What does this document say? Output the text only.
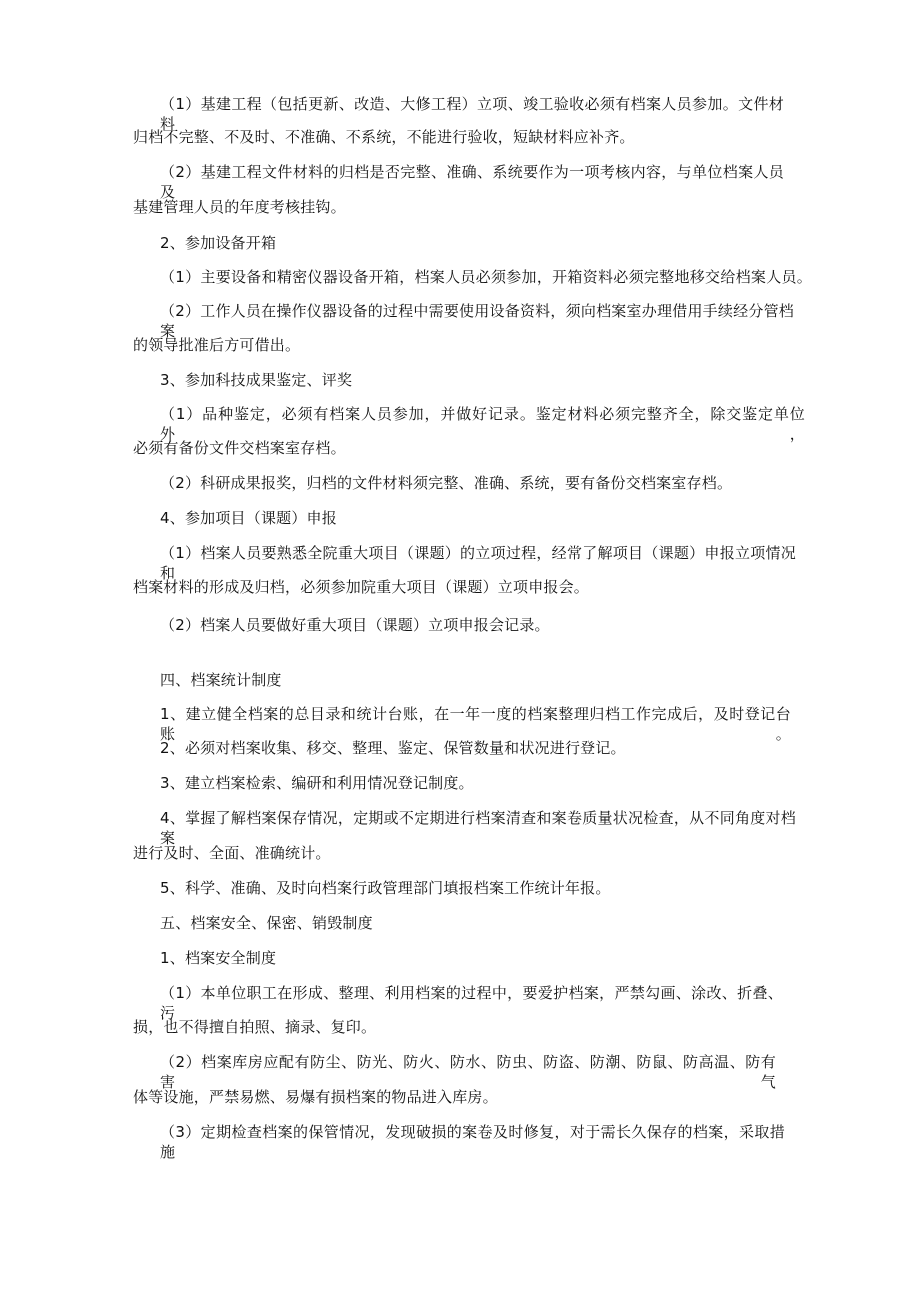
（1）基建工程（包括更新、改造、大修工程）立项、竣工验收必须有档案人员参加。文件材料
归档不完整、不及时、不准确、不系统，不能进行验收，短缺材料应补齐。
（2）基建工程文件材料的归档是否完整、准确、系统要作为一项考核内容，与单位档案人员及
基建管理人员的年度考核挂钩。
2、参加设备开箱
（1）主要设备和精密仪器设备开箱，档案人员必须参加，开箱资料必须完整地移交给档案人员。
（2）工作人员在操作仪器设备的过程中需要使用设备资料，须向档案室办理借用手续经分管档案
的领导批准后方可借出。
3、参加科技成果鉴定、评奖
（1）品种鉴定，必须有档案人员参加，并做好记录。鉴定材料必须完整齐全，除交鉴定单位外，
必须有备份文件交档案室存档。
（2）科研成果报奖，归档的文件材料须完整、准确、系统，要有备份交档案室存档。
4、参加项目（课题）申报
（1）档案人员要熟悉全院重大项目（课题）的立项过程，经常了解项目（课题）申报立项情况和
档案材料的形成及归档，必须参加院重大项目（课题）立项申报会。
（2）档案人员要做好重大项目（课题）立项申报会记录。
四、档案统计制度
1、建立健全档案的总目录和统计台账，在一年一度的档案整理归档工作完成后，及时登记台账。
2、必须对档案收集、移交、整理、鉴定、保管数量和状况进行登记。
3、建立档案检索、编研和利用情况登记制度。
4、掌握了解档案保存情况，定期或不定期进行档案清查和案卷质量状况检查，从不同角度对档案
进行及时、全面、准确统计。
5、科学、准确、及时向档案行政管理部门填报档案工作统计年报。
五、档案安全、保密、销毁制度
1、档案安全制度
（1）本单位职工在形成、整理、利用档案的过程中，要爱护档案，严禁勾画、涂改、折叠、污
损，也不得擅自拍照、摘录、复印。
（2）档案库房应配有防尘、防光、防火、防水、防虫、防盗、防潮、防鼠、防高温、防有害气
体等设施，严禁易燃、易爆有损档案的物品进入库房。
（3）定期检查档案的保管情况，发现破损的案卷及时修复，对于需长久保存的档案，采取措施
